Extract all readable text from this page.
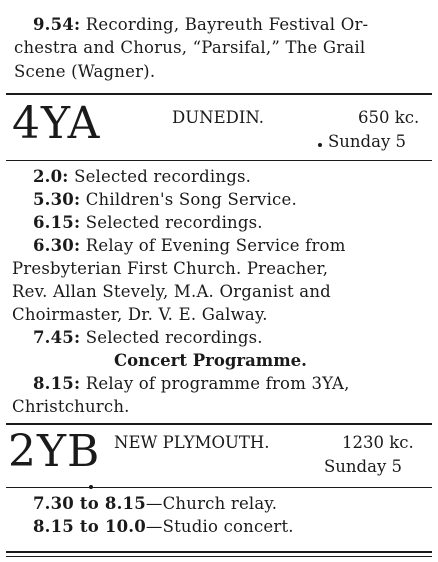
9.54: Recording, Bayreuth Festival Or-
chestra and Chorus, “Parsifal,” The Grail
Scene (Wagner).
4YA	DUNEDIN.	650 kc.
Sunday 5
2.0: Selected recordings.
5.30: Children's Song Service.
6.15: Selected recordings.
6.30: Relay of Evening Service from
Presbyterian First Church. Preacher,
Rev. Allan Stevely, M.A. Organist and
Choirmaster, Dr. V. E. Galway.
7.45: Selected recordings.
Concert Programme.
8.15: Relay of programme from 3YA,
Christchurch.
2YB NEW PLYMOUTH.	1230 kc.
Sunday 5
7.30 to 8.15—Church relay.
8.15 to 10.0—Studio concert.
